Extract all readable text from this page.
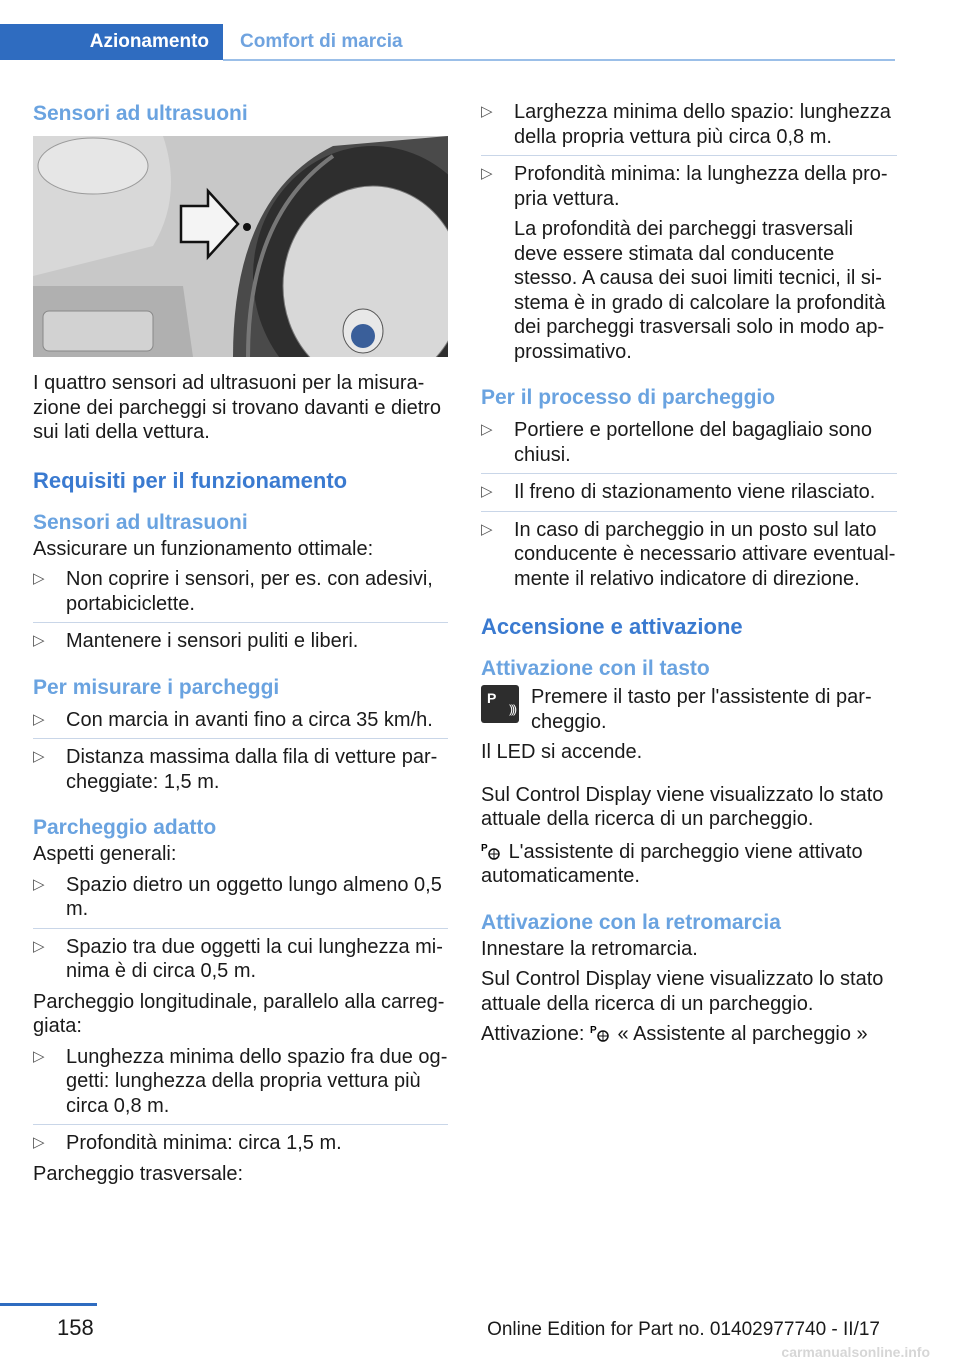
Azionamento	Comfort di marcia
Sensori ad ultrasuoni

I quattro sensori ad ultrasuoni per la misurazione dei parcheggi si trovano davanti e dietro sui lati della vettura.

Requisiti per il funzionamento
Sensori ad ultrasuoni

Assicurare un funzionamento ottimale:

▷ Non coprire i sensori, per es. con adesivi, portabiciclette.
▷ Mantenere i sensori puliti e liberi.
Per misurare i parcheggi
▷ Con marcia in avanti fino a circa 35 km/h.
▷ Distanza massima dalla fila di vetture parcheggiate: 1,5 m.
Parcheggio adatto

Aspetti generali:

▷ Spazio dietro un oggetto lungo almeno 0,5 m.
▷ Spazio tra due oggetti la cui lunghezza minima è di circa 0,5 m.

Parcheggio longitudinale, parallelo alla carreggiata:

▷ Lunghezza minima dello spazio fra due oggetti: lunghezza della propria vettura più circa 0,8 m.
▷ Profondità minima: circa 1,5 m.

Parcheggio trasversale:

▷ Larghezza minima dello spazio: lunghezza della propria vettura più circa 0,8 m.
▷ Profondità minima: la lunghezza della propria vettura.

La profondità dei parcheggi trasversali deve essere stimata dal conducente stesso. A causa dei suoi limiti tecnici, il sistema è in grado di calcolare la profondità dei parcheggi trasversali solo in modo approssimativo.

Per il processo di parcheggio
▷ Portiere e portellone del bagagliaio sono chiusi.
▷ Il freno di stazionamento viene rilasciato.
▷ In caso di parcheggio in un posto sul lato conducente è necessario attivare eventualmente il relativo indicatore di direzione.
Accensione e attivazione
Attivazione con il tasto
P )))

Premere il tasto per l'assistente di parcheggio.

Il LED si accende.

Sul Control Display viene visualizzato lo stato attuale della ricerca di un parcheggio.

P L'assistente di parcheggio viene attivato automaticamente.

Attivazione con la retromarcia

Innestare la retromarcia.

Sul Control Display viene visualizzato lo stato attuale della ricerca di un parcheggio.

Attivazione: P « Assistente al parcheggio »

158	Online Edition for Part no. 01402977740 - II/17
carmanualsonline.info
